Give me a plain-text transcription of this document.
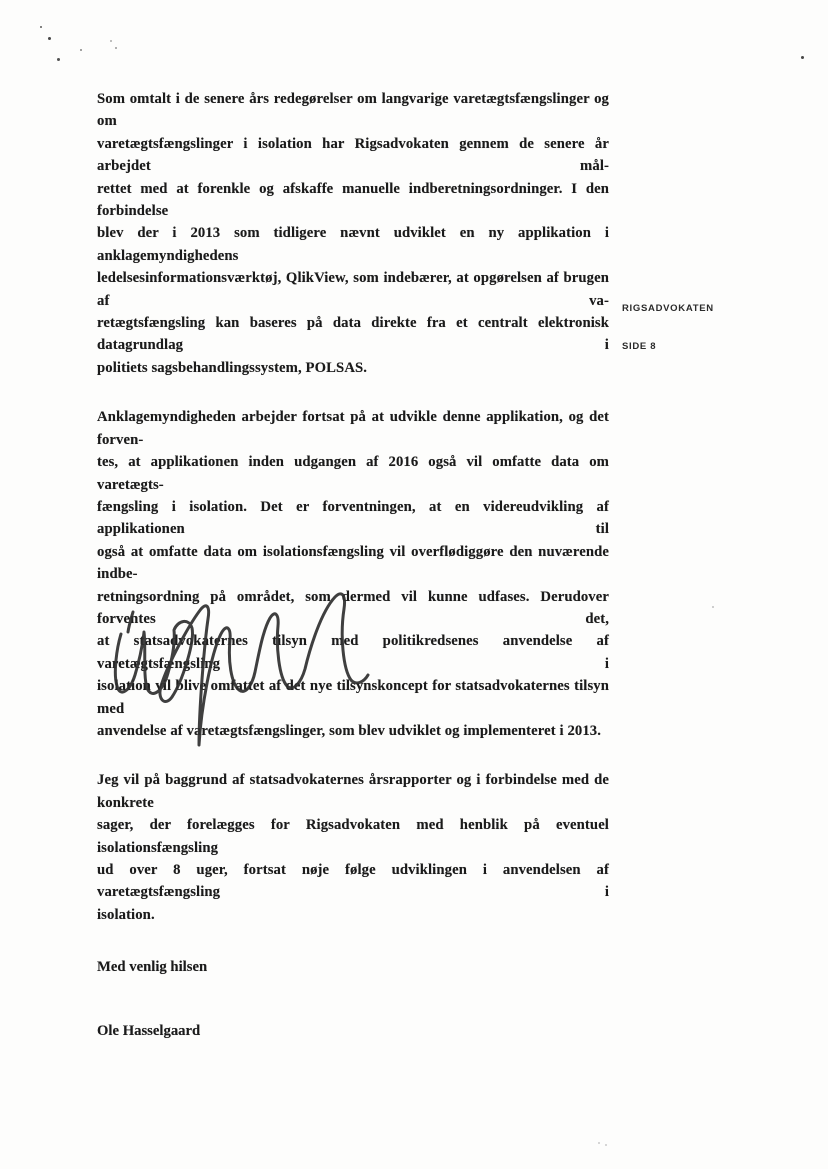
Som omtalt i de senere års redegørelser om langvarige varetægtsfængslinger og om
varetægtsfængslinger i isolation har Rigsadvokaten gennem de senere år arbejdet mål-
rettet med at forenkle og afskaffe manuelle indberetningsordninger. I den forbindelse
blev der i 2013 som tidligere nævnt udviklet en ny applikation i anklagemyndighedens
ledelsesinformationsværktøj, QlikView, som indebærer, at opgørelsen af brugen af va-
retægtsfængsling kan baseres på data direkte fra et centralt elektronisk datagrundlag i
politiets sagsbehandlingssystem, POLSAS.
Anklagemyndigheden arbejder fortsat på at udvikle denne applikation, og det forven-
tes, at applikationen inden udgangen af 2016 også vil omfatte data om varetægts-
fængsling i isolation. Det er forventningen, at en videreudvikling af applikationen til
også at omfatte data om isolationsfængsling vil overflødiggøre den nuværende indbe-
retningsordning på området, som dermed vil kunne udfases. Derudover forventes det,
at statsadvokaternes tilsyn med politikredsenes anvendelse af varetægtsfængsling i
isolation vil blive omfattet af det nye tilsynskoncept for statsadvokaternes tilsyn med
anvendelse af varetægtsfængslinger, som blev udviklet og implementeret i 2013.
Jeg vil på baggrund af statsadvokaternes årsrapporter og i forbindelse med de konkrete
sager, der forelægges for Rigsadvokaten med henblik på eventuel isolationsfængsling
ud over 8 uger, fortsat nøje følge udviklingen i anvendelsen af varetægtsfængsling i
isolation.
Med venlig hilsen
Ole Hasselgaard
RIGSADVOKATEN
SIDE 8
